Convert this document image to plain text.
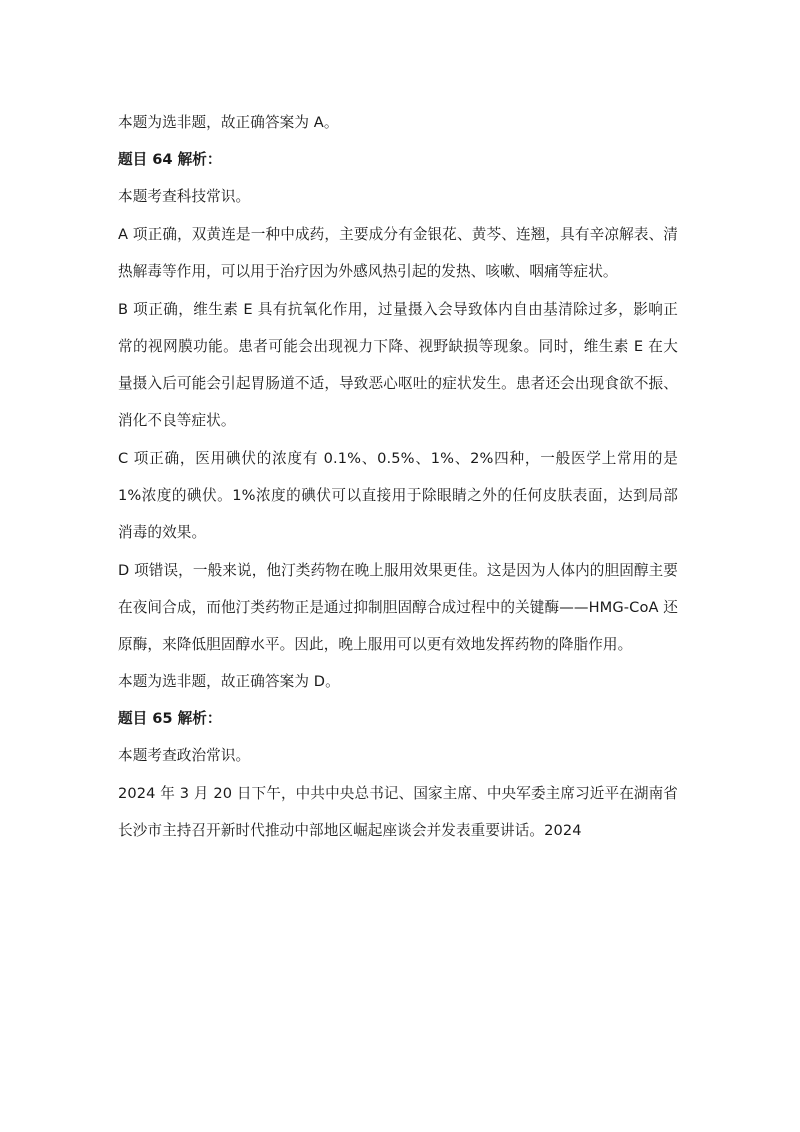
本题为选非题，故正确答案为 A。

题目 64 解析：

本题考查科技常识。

A 项正确，双黄连是一种中成药，主要成分有金银花、黄芩、连翘，具有辛凉解表、清热解毒等作用，可以用于治疗因为外感风热引起的发热、咳嗽、咽痛等症状。

B 项正确，维生素 E 具有抗氧化作用，过量摄入会导致体内自由基清除过多，影响正常的视网膜功能。患者可能会出现视力下降、视野缺损等现象。同时，维生素 E 在大量摄入后可能会引起胃肠道不适，导致恶心呕吐的症状发生。患者还会出现食欲不振、消化不良等症状。

C 项正确，医用碘伏的浓度有 0.1%、0.5%、1%、2%四种，一般医学上常用的是 1%浓度的碘伏。1%浓度的碘伏可以直接用于除眼睛之外的任何皮肤表面，达到局部消毒的效果。

D 项错误，一般来说，他汀类药物在晚上服用效果更佳。这是因为人体内的胆固醇主要在夜间合成，而他汀类药物正是通过抑制胆固醇合成过程中的关键酶——HMG-CoA 还原酶，来降低胆固醇水平。因此，晚上服用可以更有效地发挥药物的降脂作用。

本题为选非题，故正确答案为 D。

题目 65 解析：

本题考查政治常识。

2024 年 3 月 20 日下午，中共中央总书记、国家主席、中央军委主席习近平在湖南省长沙市主持召开新时代推动中部地区崛起座谈会并发表重要讲话。2024
